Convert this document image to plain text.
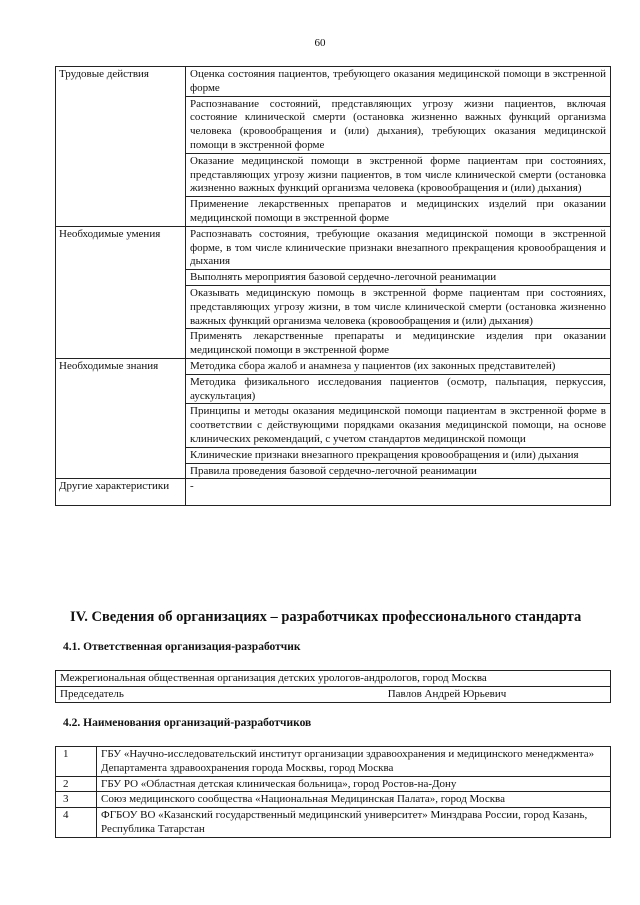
60
Трудовые действия	Оценка состояния пациентов, требующего оказания медицинской помощи в экстренной форме
	Распознавание состояний, представляющих угрозу жизни пациентов, включая состояние клинической смерти (остановка жизненно важных функций организма человека (кровообращения и (или) дыхания), требующих оказания медицинской помощи в экстренной форме
	Оказание медицинской помощи в экстренной форме пациентам при состояниях, представляющих угрозу жизни пациентов, в том числе клинической смерти (остановка жизненно важных функций организма человека (кровообращения и (или) дыхания)
	Применение лекарственных препаратов и медицинских изделий при оказании медицинской помощи в экстренной форме
Необходимые умения	Распознавать состояния, требующие оказания медицинской помощи в экстренной форме, в том числе клинические признаки внезапного прекращения кровообращения и дыхания
	Выполнять мероприятия базовой сердечно-легочной реанимации
	Оказывать медицинскую помощь в экстренной форме пациентам при состояниях, представляющих угрозу жизни, в том числе клинической смерти (остановка жизненно важных функций организма человека (кровообращения и (или) дыхания)
	Применять лекарственные препараты и медицинские изделия при оказании медицинской помощи в экстренной форме
Необходимые знания	Методика сбора жалоб и анамнеза у пациентов (их законных представителей)
	Методика физикального исследования пациентов (осмотр, пальпация, перкуссия, аускультация)
	Принципы и методы оказания медицинской помощи пациентам в экстренной форме в соответствии с действующими порядками оказания медицинской помощи, на основе клинических рекомендаций, с учетом стандартов медицинской помощи
	Клинические признаки внезапного прекращения кровообращения и (или) дыхания
	Правила проведения базовой сердечно-легочной реанимации
Другие характеристики	-
IV. Сведения об организациях – разработчиках профессионального стандарта
4.1. Ответственная организация-разработчик
Межрегиональная общественная организация детских урологов-андрологов, город Москва
Председатель	Павлов Андрей Юрьевич
4.2. Наименования организаций-разработчиков
1	ГБУ «Научно-исследовательский институт организации здравоохранения и медицинского менеджмента» Департамента здравоохранения города Москвы, город Москва
2	ГБУ РО «Областная детская клиническая больница», город Ростов-на-Дону
3	Союз медицинского сообщества «Национальная Медицинская Палата», город Москва
4	ФГБОУ ВО «Казанский государственный медицинский университет» Минздрава России, город Казань, Республика Татарстан
